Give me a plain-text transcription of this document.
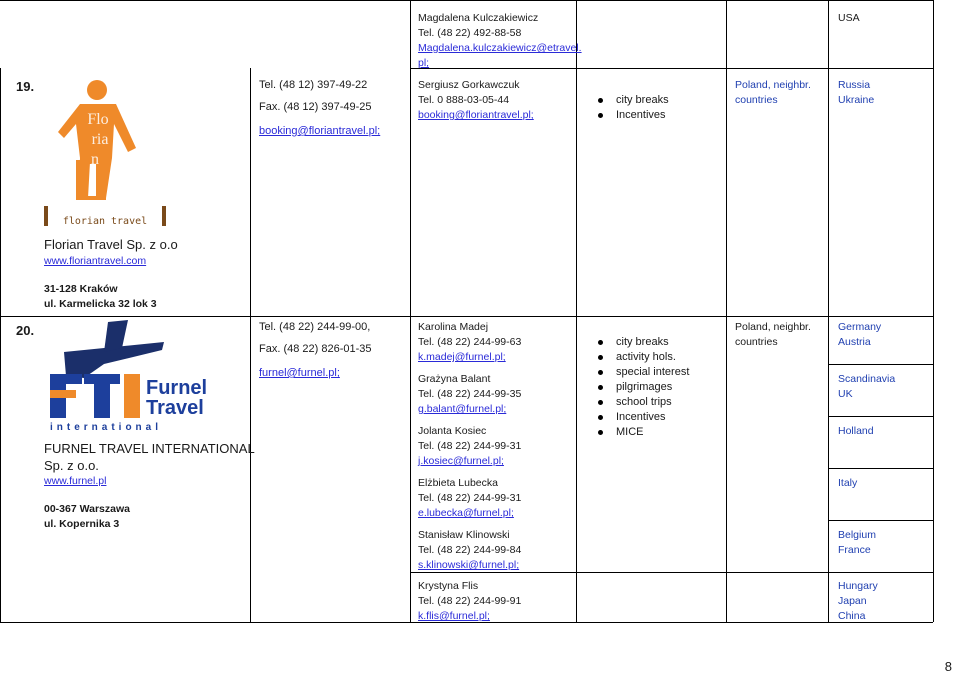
Magdalena Kulczakiewicz
Tel. (48 22) 492-88-58
Magdalena.kulczakiewicz@etravel.
pl;
USA
19.
Flo
ria
n
florian travel
Florian Travel Sp. z o.o
www.floriantravel.com
31-128 Kraków
ul. Karmelicka 32 lok 3
Tel. (48 12) 397-49-22
Fax. (48 12) 397-49-25
booking@floriantravel.pl;
Sergiusz Gorkawczuk
Tel. 0 888-03-05-44
booking@floriantravel.pl;
city breaks
Incentives
Poland, neighbr.
countries
Russia
Ukraine
20.
Furnel
Travel
international
FURNEL TRAVEL INTERNATIONAL
Sp. z o.o.
www.furnel.pl
00-367 Warszawa
ul. Kopernika 3
Tel. (48 22) 244-99-00,
Fax. (48 22) 826-01-35
furnel@furnel.pl;
Karolina Madej
Tel. (48 22) 244-99-63
k.madej@furnel.pl;
Grażyna Balant
Tel. (48 22) 244-99-35
g.balant@furnel.pl;
Jolanta Kosiec
Tel. (48 22) 244-99-31
j.kosiec@furnel.pl;
Elżbieta Lubecka
Tel. (48 22) 244-99-31
e.lubecka@furnel.pl;
Stanisław Klinowski
Tel. (48 22) 244-99-84
s.klinowski@furnel.pl;
Krystyna Flis
Tel. (48 22) 244-99-91
k.flis@furnel.pl;
city breaks
activity hols.
special interest
pilgrimages
school trips
Incentives
MICE
Poland, neighbr.
countries
Germany
Austria
Scandinavia
UK
Holland
Italy
Belgium
France
Hungary
Japan
China
8
